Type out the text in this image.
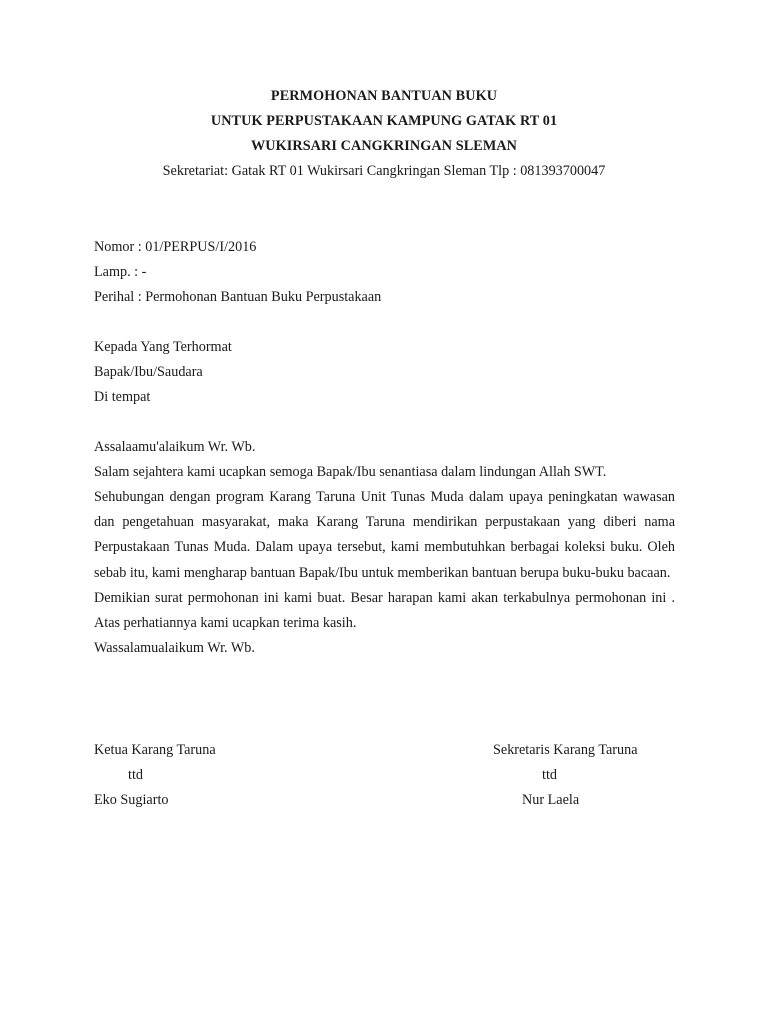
PERMOHONAN BANTUAN BUKU
UNTUK PERPUSTAKAAN KAMPUNG GATAK RT 01
WUKIRSARI CANGKRINGAN SLEMAN
Sekretariat: Gatak RT 01 Wukirsari Cangkringan Sleman Tlp : 081393700047
Nomor : 01/PERPUS/I/2016
Lamp. : -
Perihal : Permohonan Bantuan Buku Perpustakaan
Kepada Yang Terhormat
Bapak/Ibu/Saudara
Di tempat
Assalaamu'alaikum Wr. Wb.
Salam sejahtera kami ucapkan semoga Bapak/Ibu senantiasa dalam lindungan Allah SWT.
Sehubungan dengan program Karang Taruna Unit Tunas Muda dalam upaya peningkatan wawasan dan pengetahuan masyarakat, maka Karang Taruna mendirikan perpustakaan yang diberi nama Perpustakaan Tunas Muda. Dalam upaya tersebut, kami membutuhkan berbagai koleksi buku. Oleh sebab itu, kami mengharap bantuan Bapak/Ibu untuk memberikan bantuan berupa buku-buku bacaan.
Demikian surat permohonan ini kami buat. Besar harapan kami akan terkabulnya permohonan ini . Atas perhatiannya kami ucapkan terima kasih.
Wassalamualaikum Wr. Wb.
Ketua Karang Taruna
ttd
Eko Sugiarto
Sekretaris Karang Taruna
ttd
Nur Laela
